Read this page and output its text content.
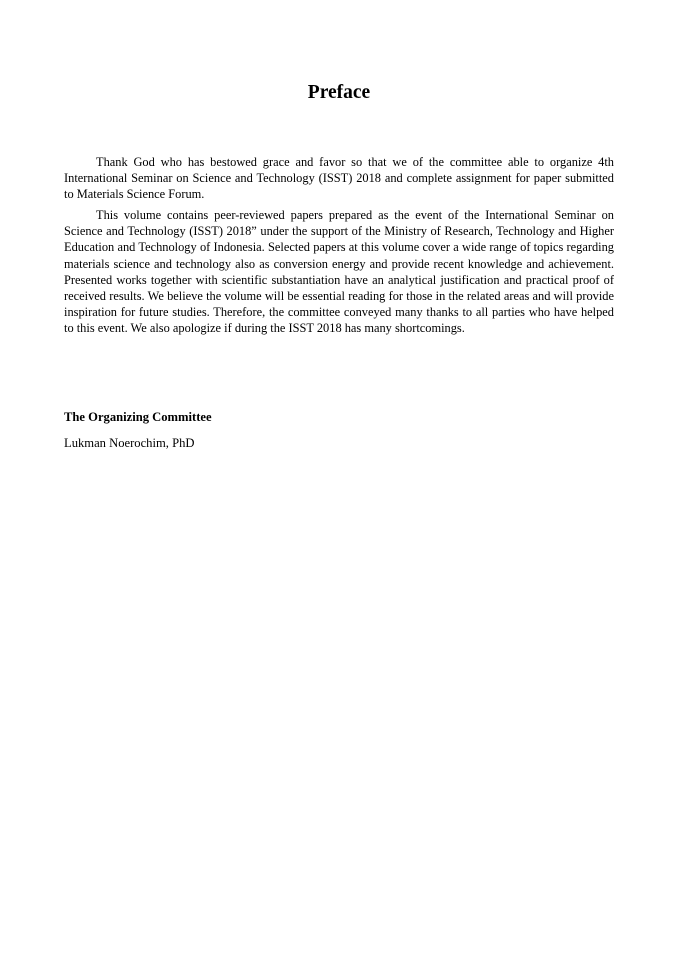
Preface

Thank God who has bestowed grace and favor so that we of the committee able to organize 4th International Seminar on Science and Technology (ISST) 2018 and complete assignment for paper submitted to Materials Science Forum.

This volume contains peer-reviewed papers prepared as the event of the International Seminar on Science and Technology (ISST) 2018” under the support of the Ministry of Research, Technology and Higher Education and Technology of Indonesia. Selected papers at this volume cover a wide range of topics regarding materials science and technology also as conversion energy and provide recent knowledge and achievement. Presented works together with scientific substantiation have an analytical justification and practical proof of received results. We believe the volume will be essential reading for those in the related areas and will provide inspiration for future studies. Therefore, the committee conveyed many thanks to all parties who have helped to this event. We also apologize if during the ISST 2018 has many shortcomings.

The Organizing Committee
Lukman Noerochim, PhD
